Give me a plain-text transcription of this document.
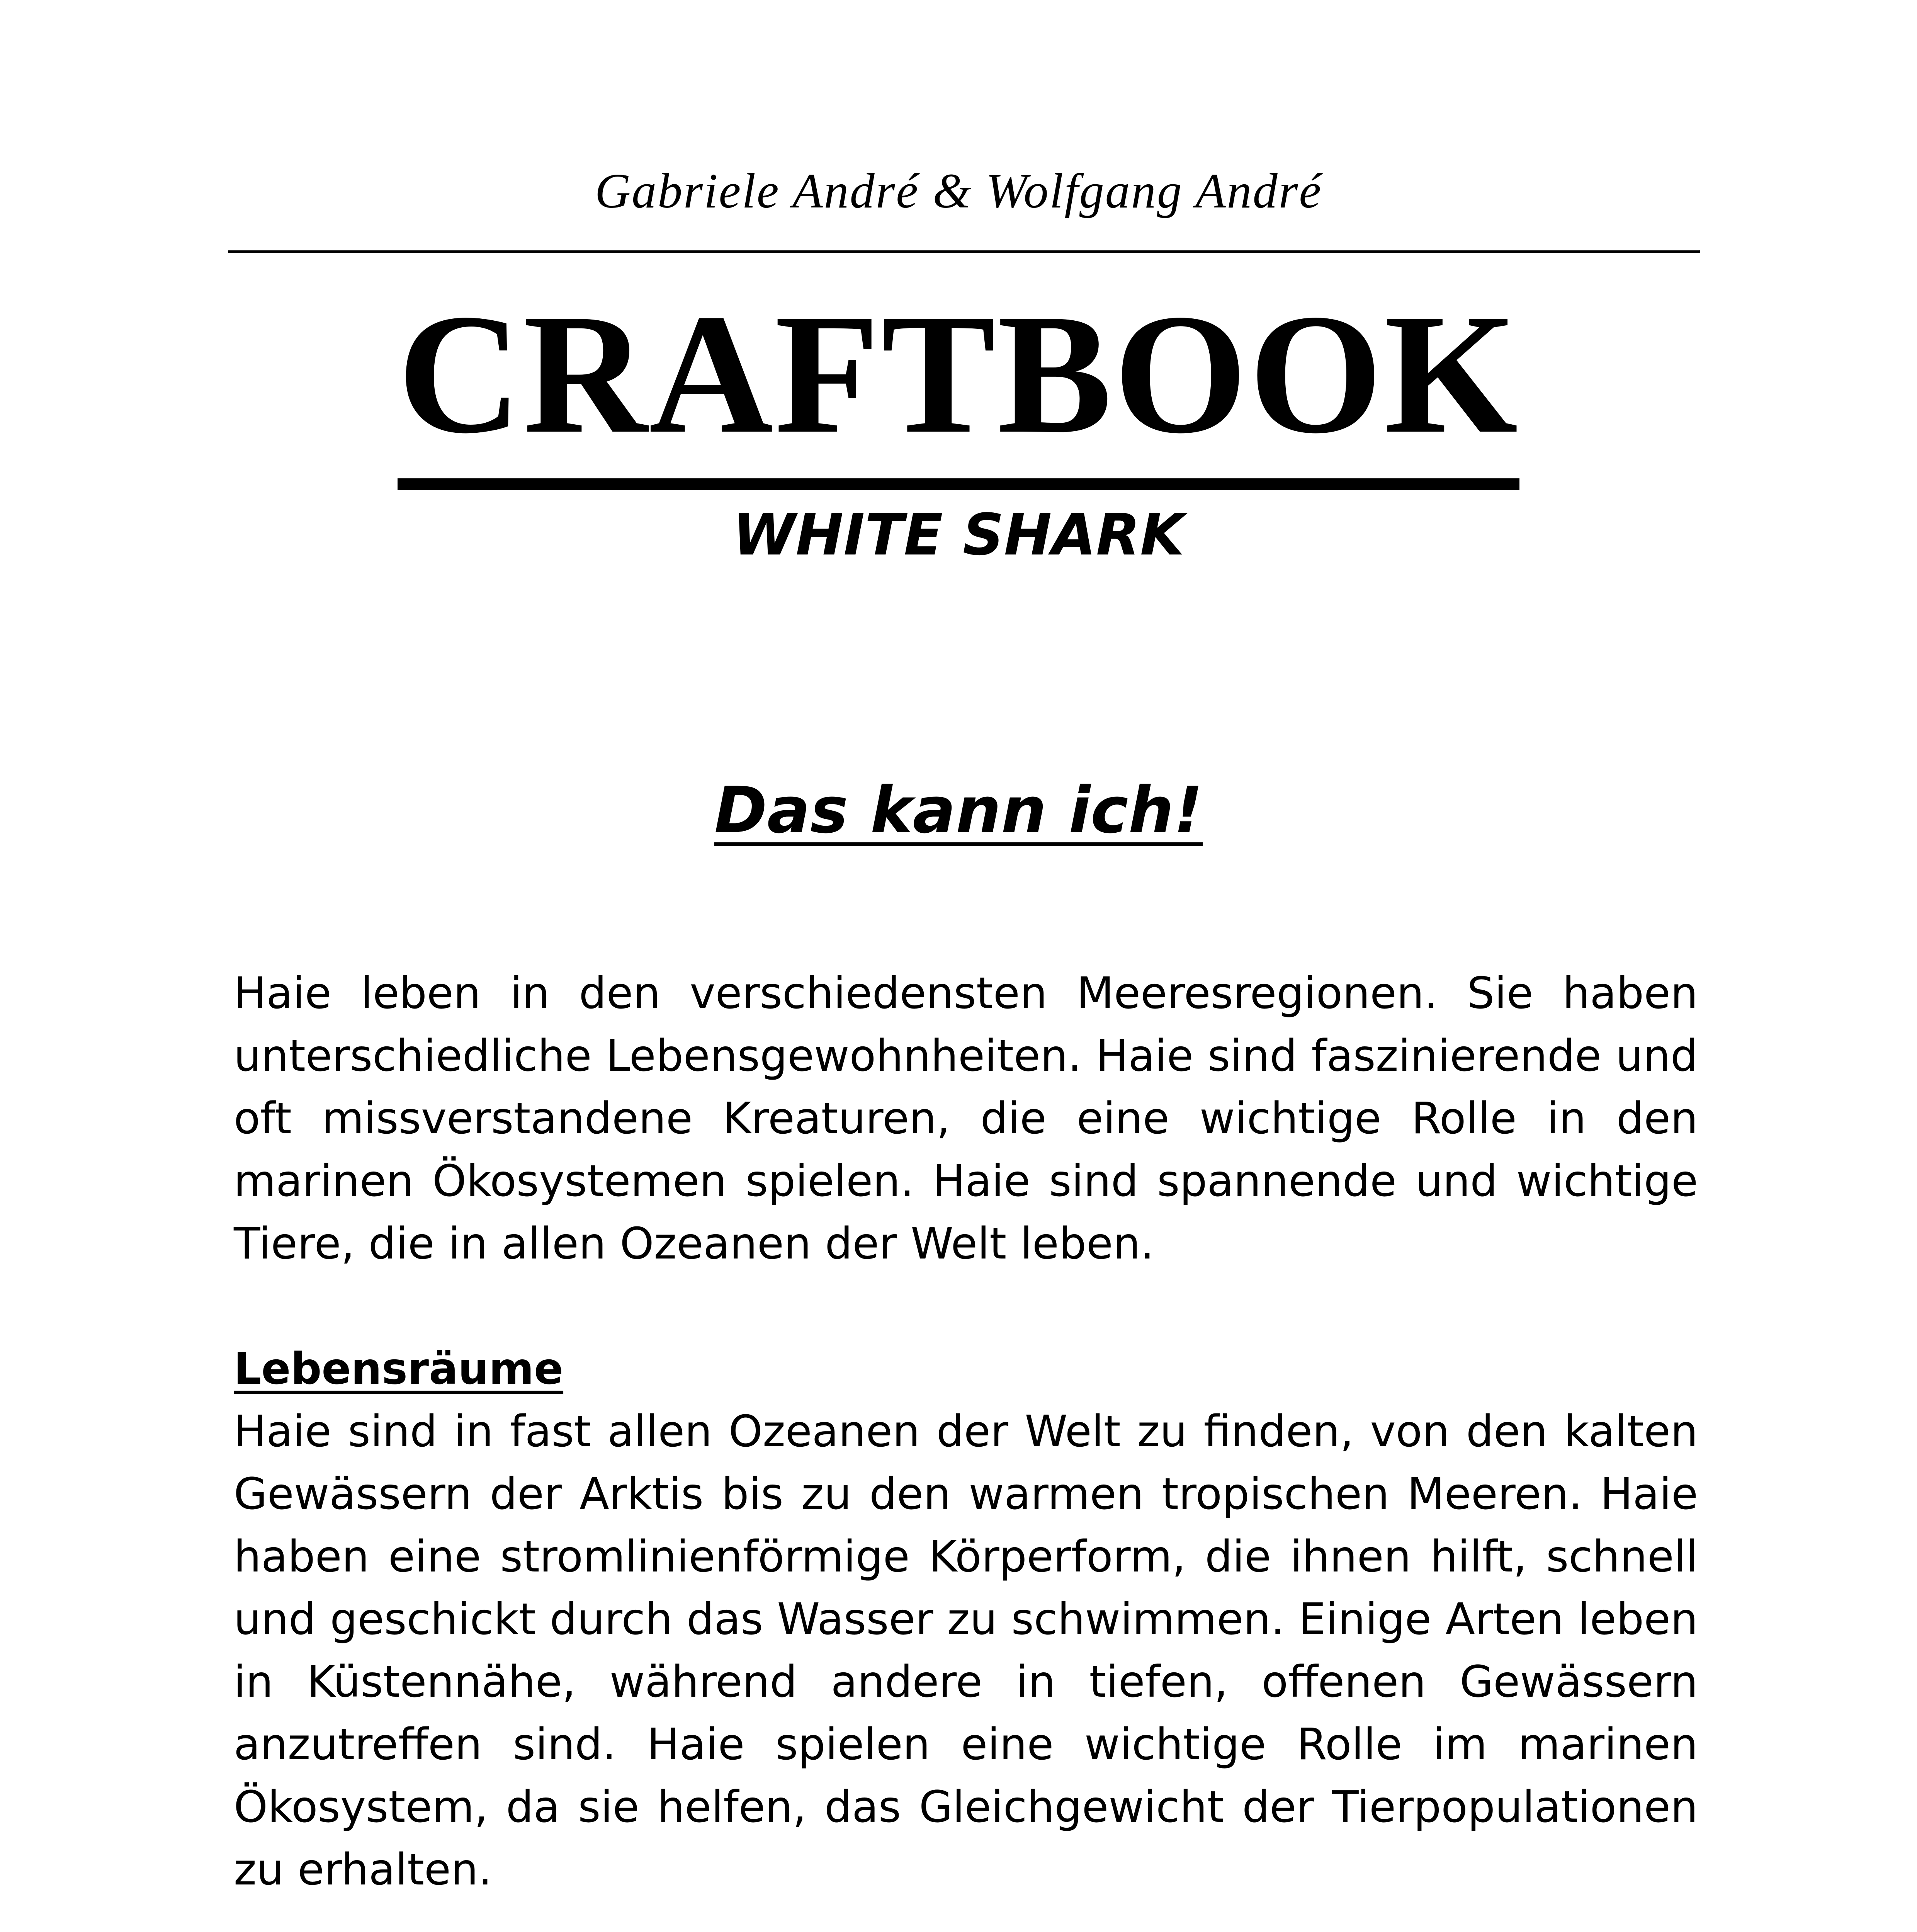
Gabriele André & Wolfgang André
CRAFTBOOK
WHITE SHARK
Das kann ich!

Haie leben in den verschiedensten Meeresregionen. Sie haben unterschiedliche Lebensgewohnheiten. Haie sind faszinierende und oft missverstandene Kreaturen, die eine wichtige Rolle in den marinen Ökosystemen spielen. Haie sind spannende und wichtige Tiere, die in allen Ozeanen der Welt leben.

Lebensräume

Haie sind in fast allen Ozeanen der Welt zu finden, von den kalten Gewässern der Arktis bis zu den warmen tropischen Meeren. Haie haben eine stromlinienförmige Körperform, die ihnen hilft, schnell und geschickt durch das Wasser zu schwimmen. Einige Arten leben in Küstennähe, während andere in tiefen, offenen Gewässern anzutreffen sind. Haie spielen eine wichtige Rolle im marinen Ökosystem, da sie helfen, das Gleichgewicht der Tierpopulationen zu erhalten.
